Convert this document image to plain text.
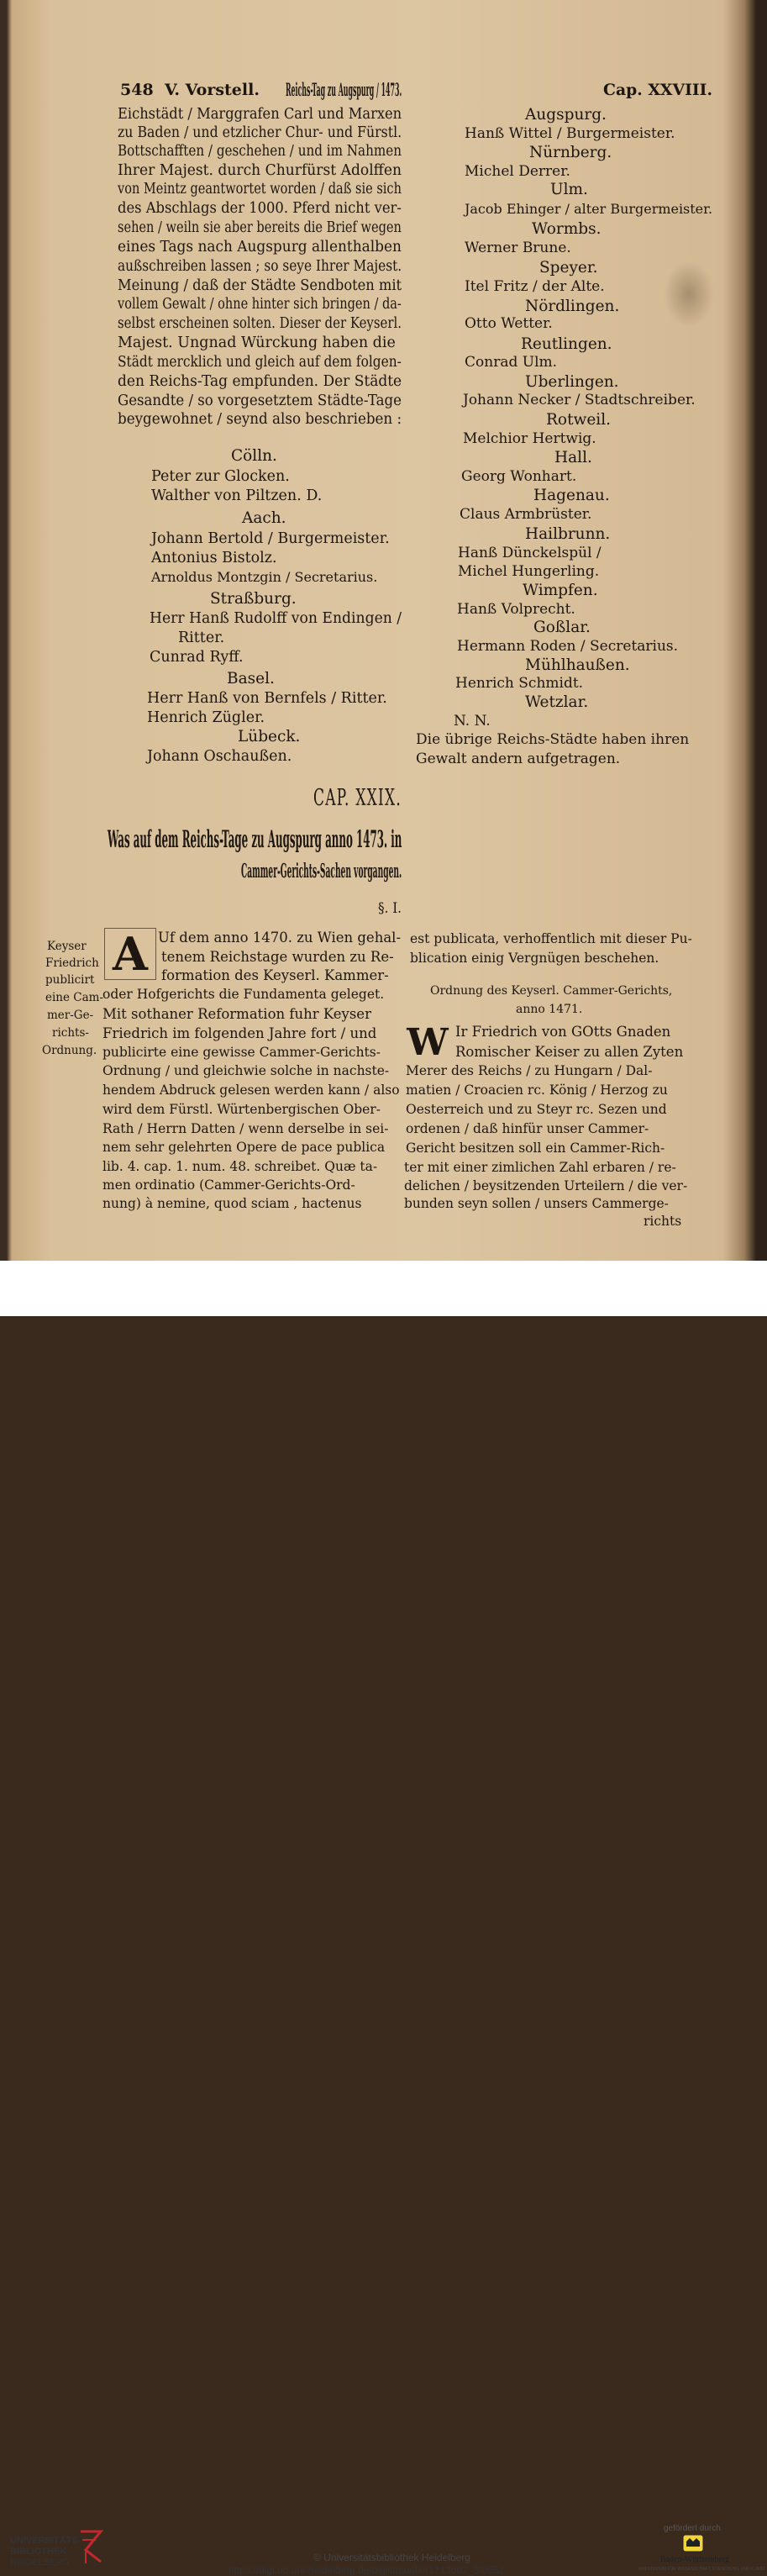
548 V. Vorstell. Reichs-Tag zu Augspurg / 1473.	Cap. XXVIII.
Eichstädt / Marggrafen Carl und Marxen
zu Baden / und etzlicher Chur- und Fürstl.
Bottschafften / geschehen / und im Nahmen
Ihrer Majest. durch Churfürst Adolffen
von Meintz geantwortet worden / daß sie sich
des Abschlags der 1000. Pferd nicht ver-
sehen / weiln sie aber bereits die Brief wegen
eines Tags nach Augspurg allenthalben
außschreiben lassen ; so seye Ihrer Majest.
Meinung / daß der Städte Sendboten mit
vollem Gewalt / ohne hinter sich bringen / da-
selbst erscheinen solten. Dieser der Keyserl.
Majest. Ungnad Würckung haben die
Städt mercklich und gleich auf dem folgen-
den Reichs-Tag empfunden. Der Städte
Gesandte / so vorgesetztem Städte-Tage
beygewohnet / seynd also beschrieben :
Cölln.
Peter zur Glocken.
Walther von Piltzen. D.
Aach.
Johann Bertold / Burgermeister.
Antonius Bistolz.
Arnoldus Montzgin / Secretarius.
Straßburg.
Herr Hanß Rudolff von Endingen /
Ritter.
Cunrad Ryff.
Basel.
Herr Hanß von Bernfels / Ritter.
Henrich Zügler.
Lübeck.
Johann Oschaußen.
Augspurg.
Hanß Wittel / Burgermeister.
Nürnberg.
Michel Derrer.
Ulm.
Jacob Ehinger / alter Burgermeister.
Wormbs.
Werner Brune.
Speyer.
Itel Fritz / der Alte.
Nördlingen.
Otto Wetter.
Reutlingen.
Conrad Ulm.
Uberlingen.
Johann Necker / Stadtschreiber.
Rotweil.
Melchior Hertwig.
Hall.
Georg Wonhart.
Hagenau.
Claus Armbrüster.
Hailbrunn.
Hanß Dünckelspül /
Michel Hungerling.
Wimpfen.
Hanß Volprecht.
Goßlar.
Hermann Roden / Secretarius.
Mühlhaußen.
Henrich Schmidt.
Wetzlar.
N. N.
Die übrige Reichs-Städte haben ihren
Gewalt andern aufgetragen.
CAP. XXIX.
Was auf dem Reichs-Tage zu Augspurg anno 1473. in
Cammer-Gerichts-Sachen vorgangen.
§. I.
Keyser
Friedrich
publicirt
eine Cam-
mer-Ge-
richts-
Ordnung.
A Uf dem anno 1470. zu Wien gehal-
tenem Reichstage wurden zu Re-
formation des Keyserl. Kammer-
oder Hofgerichts die Fundamenta geleget.
Mit sothaner Reformation fuhr Keyser
Friedrich im folgenden Jahre fort / und
publicirte eine gewisse Cammer-Gerichts-
Ordnung / und gleichwie solche in nachste-
hendem Abdruck gelesen werden kann / also
wird dem Fürstl. Würtenbergischen Ober-
Rath / Herrn Datten / wenn derselbe in sei-
nem sehr gelehrten Opere de pace publica
lib. 4. cap. 1. num. 48. schreibet. Quæ ta-
men ordinatio (Cammer-Gerichts-Ord-
nung) à nemine, quod sciam , hactenus
est publicata, verhoffentlich mit dieser Pu-
blication einig Vergnügen beschehen.
Ordnung des Keyserl. Cammer-Gerichts,
anno 1471.
W Ir Friedrich von GOtts Gnaden
Romischer Keiser zu allen Zyten
Merer des Reichs / zu Hungarn / Dal-
matien / Croacien rc. König / Herzog zu
Oesterreich und zu Steyr rc. Sezen und
ordenen / daß hinfür unser Cammer-
Gericht besitzen soll ein Cammer-Rich-
ter mit einer zimlichen Zahl erbaren / re-
delichen / beysitzenden Urteilern / die ver-
bunden seyn sollen / unsers Cammerge-
richts
UNIVERSITÄTS-
BIBLIOTHEK
HEIDELBERG	© Universitätsbibliothek Heidelberg
https://digi.ub.uni-heidelberg.de/diglit/mueller1713bd2_3/0552
gefördert durch
Baden-Württemberg
MINISTERIUM FÜR WISSENSCHAFT, FORSCHUNG UND KUNST
